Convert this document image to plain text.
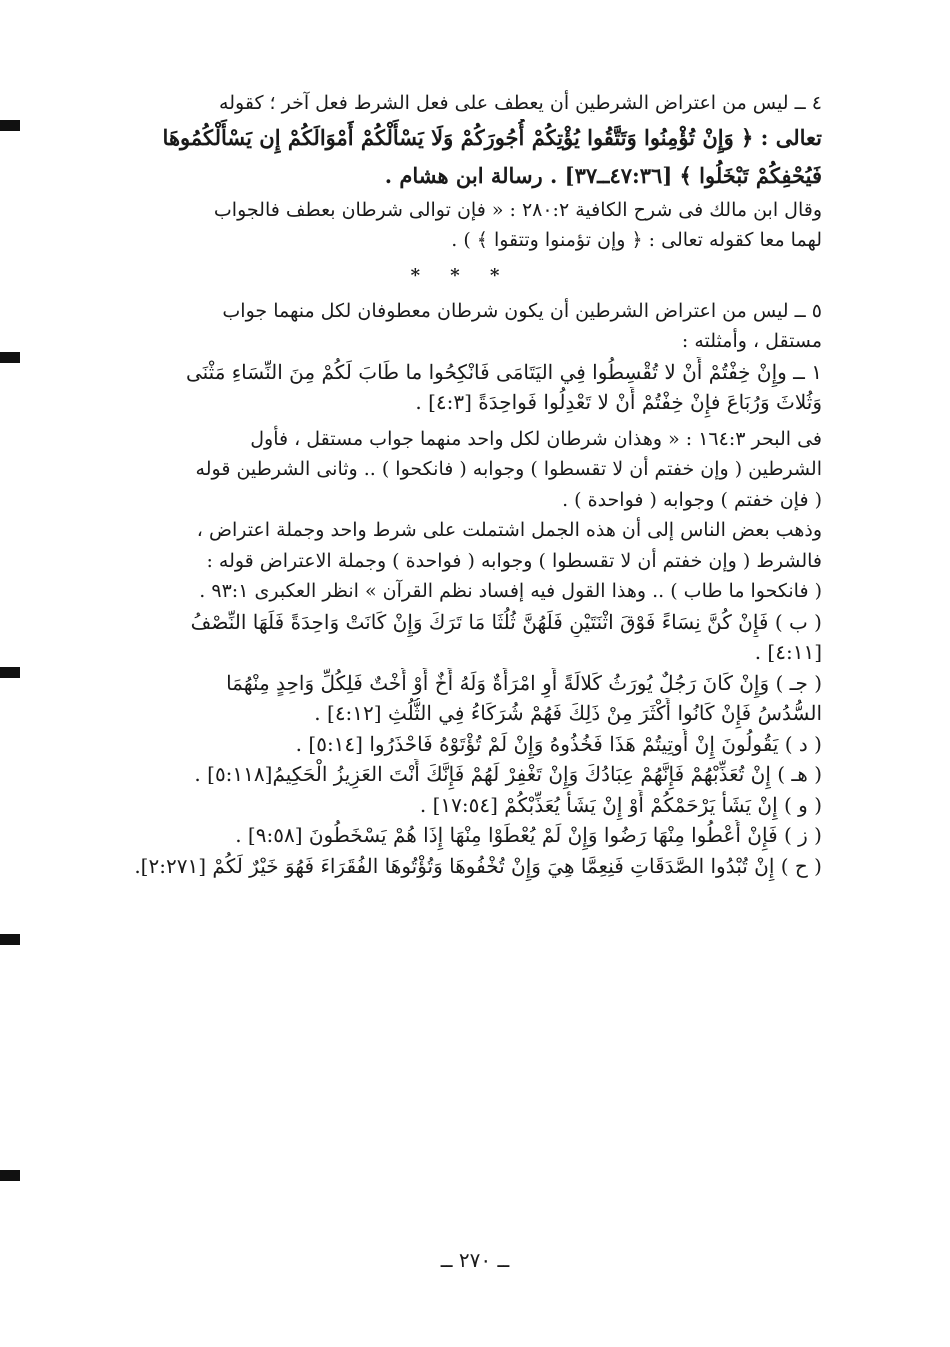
٤ ــ ليس من اعتراض الشرطين أن يعطف على فعل الشرط فعل آخر ؛ كقوله
تعالى : ﴿ وَإِنْ تُؤْمِنُوا وَتَتَّقُوا يُؤْتِكُمْ أُجُورَكُمْ وَلَا يَسْأَلْكُمْ أَمْوَالَكُمْ إِن يَسْأَلْكُمُوهَا
فَيُحْفِكُمْ تَبْخَلُوا ﴾ [٤٧:٣٦ــ٣٧] . رسالة ابن هشام .
وقال ابن مالك فى شرح الكافية ٢٨٠:٢ : « فإن توالى شرطان بعطف فالجواب
لهما معا كقوله تعالى : ﴿ وإن تؤمنوا وتتقوا ﴾ ) .
* * *
٥ ــ ليس من اعتراض الشرطين أن يكون شرطان معطوفان لكل منهما جواب
مستقل ، وأمثلته :
١ ــ وإِنْ خِفْتُمْ أَنْ لا تُقْسِطُوا فِي اليَتَامَى فَانْكِحُوا ما طَابَ لَكُمْ مِنَ النِّسَاءِ مَثْنَى
وَثُلاثَ وَرُبَاعَ فإِنْ خِفْتُمْ أَنْ لا تَعْدِلُوا فَواحِدَةً [٤:٣] .
فى البحر ١٦٤:٣ : « وهذان شرطان لكل واحد منهما جواب مستقل ، فأول
الشرطين ( وإن خفتم أن لا تقسطوا ) وجوابه ( فانكحوا ) .. وثانى الشرطين قوله
( فإن خفتم ) وجوابه ( فواحدة ) .
وذهب بعض الناس إلى أن هذه الجمل اشتملت على شرط واحد وجملة اعتراض ،
فالشرط ( وإن خفتم أن لا تقسطوا ) وجوابه ( فواحدة ) وجملة الاعتراض قوله :
( فانكحوا ما طاب ) .. وهذا القول فيه إفساد نظم القرآن » انظر العكبرى ٩٣:١ .
( ب ) فَإِنْ كُنَّ نِسَاءً فَوْقَ اثْنَتَيْنِ فَلَهُنَّ ثُلُثَا مَا تَرَكَ وَإِنْ كَانَتْ وَاحِدَةً فَلَهَا النِّصْفُ
[٤:١١] .
( جـ ) وَإِنْ كَانَ رَجُلٌ يُورَثُ كَلالَةً أَوِ امْرَأَةٌ وَلَهُ أَخٌ أَوْ أُخْتٌ فَلِكُلِّ وَاحِدٍ مِنْهُمَا
السُّدُسُ فَإِنْ كَانُوا أَكْثَرَ مِنْ ذَلِكَ فَهُمْ شُرَكَاءُ فِي الثُّلُثِ [٤:١٢] .
( د ) يَقُولُونَ إِنْ أُوتِيتُمْ هَذَا فَخُذُوهُ وَإِنْ لَمْ تُؤْتَوْهُ فَاحْذَرُوا [٥:١٤] .
( هـ ) إِنْ تُعَذِّبْهُمْ فَإِنَّهُمْ عِبَادُكَ وَإِنْ تَغْفِرْ لَهُمْ فَإِنَّكَ أَنْتَ العَزِيزُ الْحَكِيمُ[٥:١١٨] .
( و ) إِنْ يَشَأْ يَرْحَمْكُمْ أَوْ إِنْ يَشَأْ يُعَذِّبْكُمْ [١٧:٥٤] .
( ز ) فَإِنْ أُعْطُوا مِنْهَا رَضُوا وَإِنْ لَمْ يُعْطَوْا مِنْهَا إِذَا هُمْ يَسْخَطُونَ [٩:٥٨] .
( ح ) إِنْ تُبْدُوا الصَّدَقَاتِ فَنِعِمَّا هِيَ وَإِنْ تُخْفُوهَا وَتُؤْتُوهَا الفُقَرَاءَ فَهُوَ خَيْرٌ لَكُمْ [٢:٢٧١].
ــ ٢٧٠ ــ
